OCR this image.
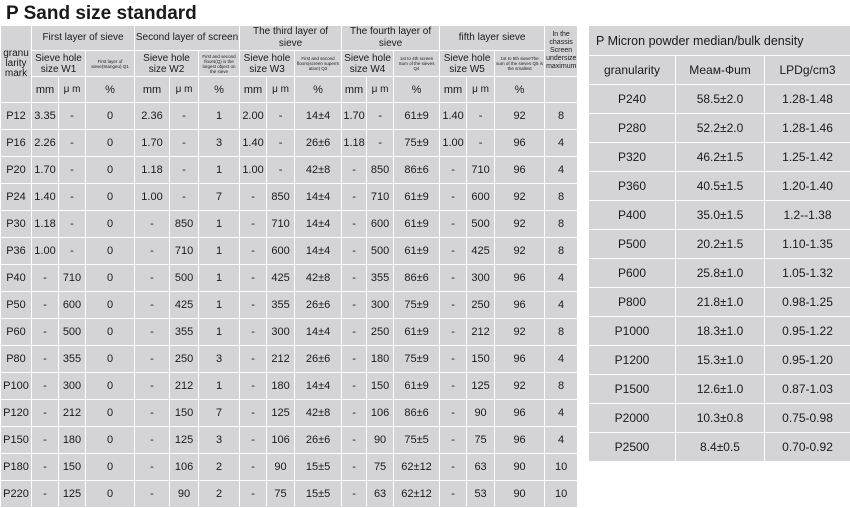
P Sand size standard
granu larity mark	First layer of sieve			Second layer of screen			The third layer of sieve			The fourth layer of sieve			fifth layer sieve			In the chassis Screen undersize maximum
	Sieve hole size W1		First layer of sieve(Stangeu) Q1	Sieve hole size W2		First and second floors(Q) is the largest object on the sieve	Sieve hole size W3		First and second floors(screen superm ation) Q3	Sieve hole size W4		1st to 4th screen Sum of the sieves Q4	Sieve hole size W5		1st to 5th sieveThe sum of the sieves Q5 is the smallest	
	mm	μ m	%	mm	μ m	%	mm	μ m	%	mm	μ m	%	mm	μ m	%	
P12	3.35	-	0	2.36	-	1	2.00	-	14±4	1.70	-	61±9	1.40	-	92	8
P16	2.26	-	0	1.70	-	3	1.40	-	26±6	1.18	-	75±9	1.00	-	96	4
P20	1.70	-	0	1.18	-	1	1.00	-	42±8	-	850	86±6	-	710	96	4
P24	1.40	-	0	1.00	-	7	-	850	14±4	-	710	61±9	-	600	92	8
P30	1.18	-	0	-	850	1	-	710	14±4	-	600	61±9	-	500	92	8
P36	1.00	-	0	-	710	1	-	600	14±4	-	500	61±9	-	425	92	8
P40	-	710	0	-	500	1	-	425	42±8	-	355	86±6	-	300	96	4
P50	-	600	0	-	425	1	-	355	26±6	-	300	75±9	-	250	96	4
P60	-	500	0	-	355	1	-	300	14±4	-	250	61±9	-	212	92	8
P80	-	355	0	-	250	3	-	212	26±6	-	180	75±9	-	150	96	4
P100	-	300	0	-	212	1	-	180	14±4	-	150	61±9	-	125	92	8
P120	-	212	0	-	150	7	-	125	42±8	-	106	86±6	-	90	96	4
P150	-	180	0	-	125	3	-	106	26±6	-	90	75±5	-	75	96	4
P180	-	150	0	-	106	2	-	90	15±5	-	75	62±12	-	63	90	10
P220	-	125	0	-	90	2	-	75	15±5	-	63	62±12	-	53	90	10
P Micron powder median/bulk density		
granularity	Меам-Фum	LPDg/cm3
P240	58.5±2.0	1.28-1.48
P280	52.2±2.0	1.28-1.46
P320	46.2±1.5	1.25-1.42
P360	40.5±1.5	1.20-1.40
P400	35.0±1.5	1.2--1.38
P500	20.2±1.5	1.10-1.35
P600	25.8±1.0	1.05-1.32
P800	21.8±1.0	0.98-1.25
P1000	18.3±1.0	0.95-1.22
P1200	15.3±1.0	0.95-1.20
P1500	12.6±1.0	0.87-1.03
P2000	10.3±0.8	0.75-0.98
P2500	8.4±0.5	0.70-0.92
